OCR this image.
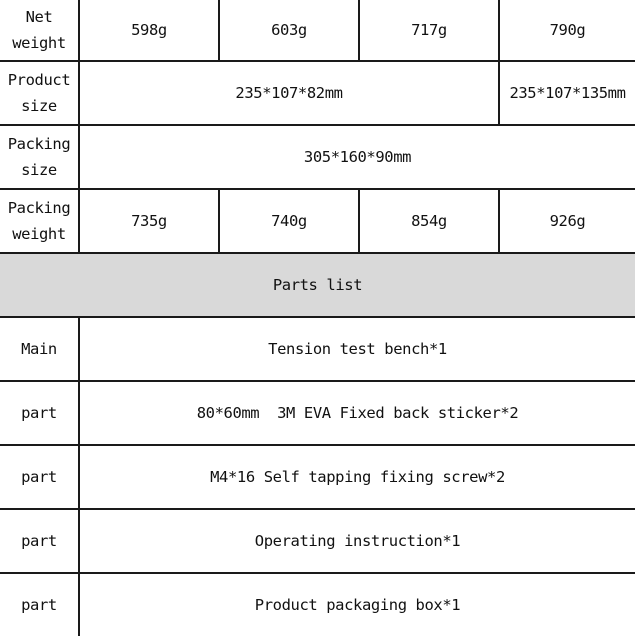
Net
weight	598g	603g	717g	790g
Product
size	235*107*82mm			235*107*135mm
Packing
size	305*160*90mm			
Packing
weight	735g	740g	854g	926g
Parts list				
Main	Tension test bench*1			
part	80*60mm  3M EVA Fixed back sticker*2			
part	M4*16 Self tapping fixing screw*2			
part	Operating instruction*1			
part	Product packaging box*1			
